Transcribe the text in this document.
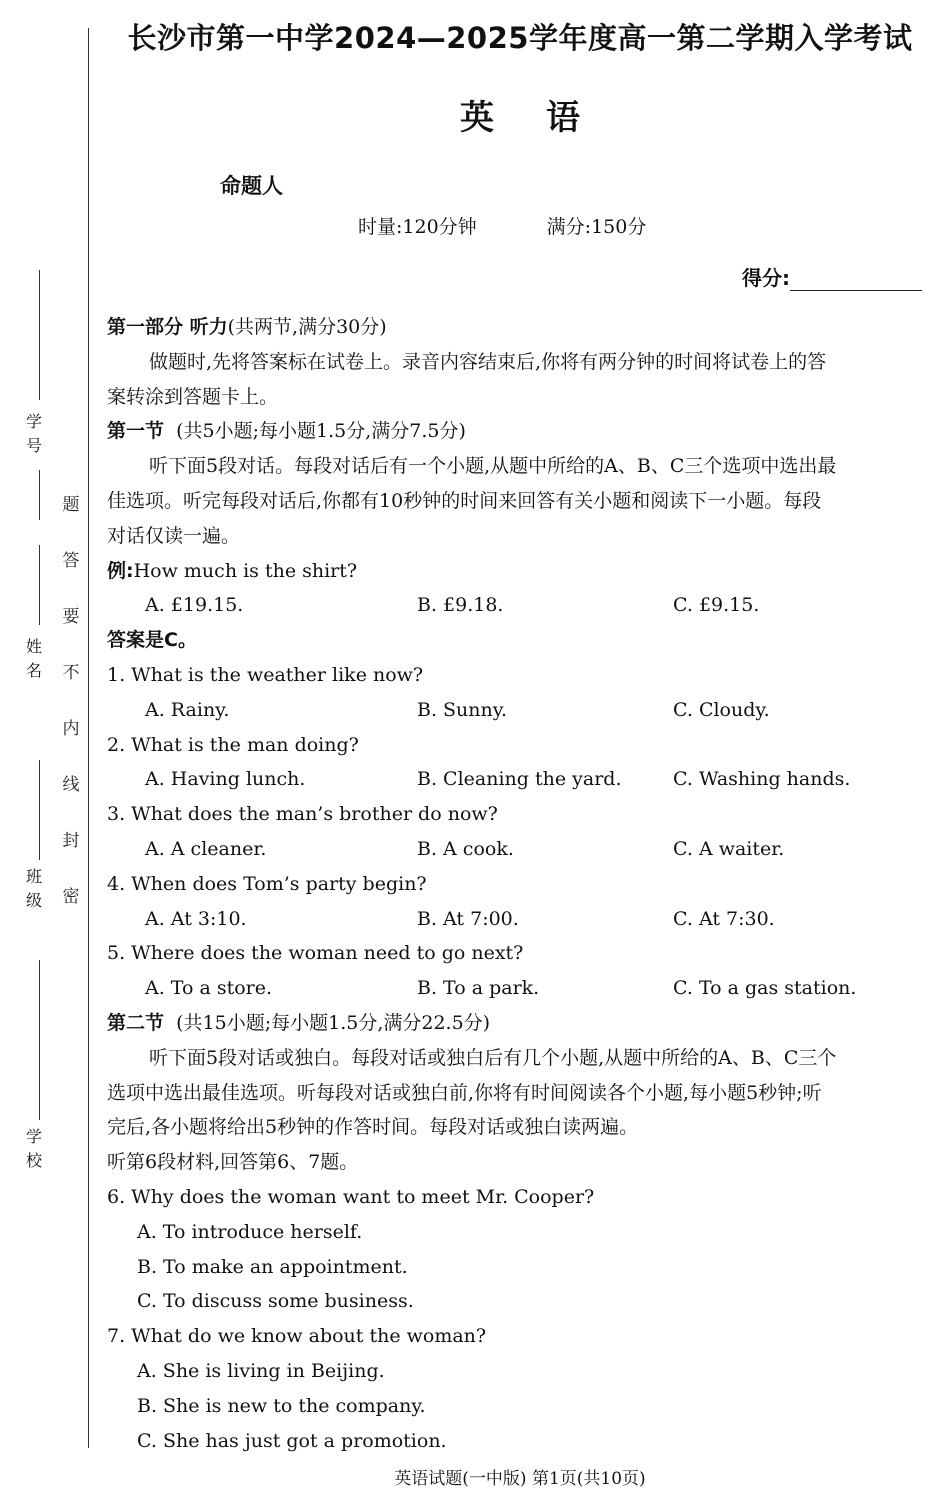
题
答
要
不
内
线
封
密
学
号
姓
名
班
级
学
校
长沙市第一中学2024—2025学年度高一第二学期入学考试
英 语
命题人
时量:120分钟	满分:150分
得分:
第一部分 听力(共两节,满分30分)
做题时,先将答案标在试卷上。录音内容结束后,你将有两分钟的时间将试卷上的答
案转涂到答题卡上。
第一节 (共5小题;每小题1.5分,满分7.5分)
听下面5段对话。每段对话后有一个小题,从题中所给的A、B、C三个选项中选出最
佳选项。听完每段对话后,你都有10秒钟的时间来回答有关小题和阅读下一小题。每段
对话仅读一遍。
例:How much is the shirt?
A. £19.15.	B. £9.18.	C. £9.15.
答案是C。
1. What is the weather like now?
A. Rainy.	B. Sunny.	C. Cloudy.
2. What is the man doing?
A. Having lunch.	B. Cleaning the yard.	C. Washing hands.
3. What does the man’s brother do now?
A. A cleaner.	B. A cook.	C. A waiter.
4. When does Tom’s party begin?
A. At 3:10.	B. At 7:00.	C. At 7:30.
5. Where does the woman need to go next?
A. To a store.	B. To a park.	C. To a gas station.
第二节 (共15小题;每小题1.5分,满分22.5分)
听下面5段对话或独白。每段对话或独白后有几个小题,从题中所给的A、B、C三个
选项中选出最佳选项。听每段对话或独白前,你将有时间阅读各个小题,每小题5秒钟;听
完后,各小题将给出5秒钟的作答时间。每段对话或独白读两遍。
听第6段材料,回答第6、7题。
6. Why does the woman want to meet Mr. Cooper?
A. To introduce herself.
B. To make an appointment.
C. To discuss some business.
7. What do we know about the woman?
A. She is living in Beijing.
B. She is new to the company.
C. She has just got a promotion.
英语试题(一中版) 第1页(共10页)
